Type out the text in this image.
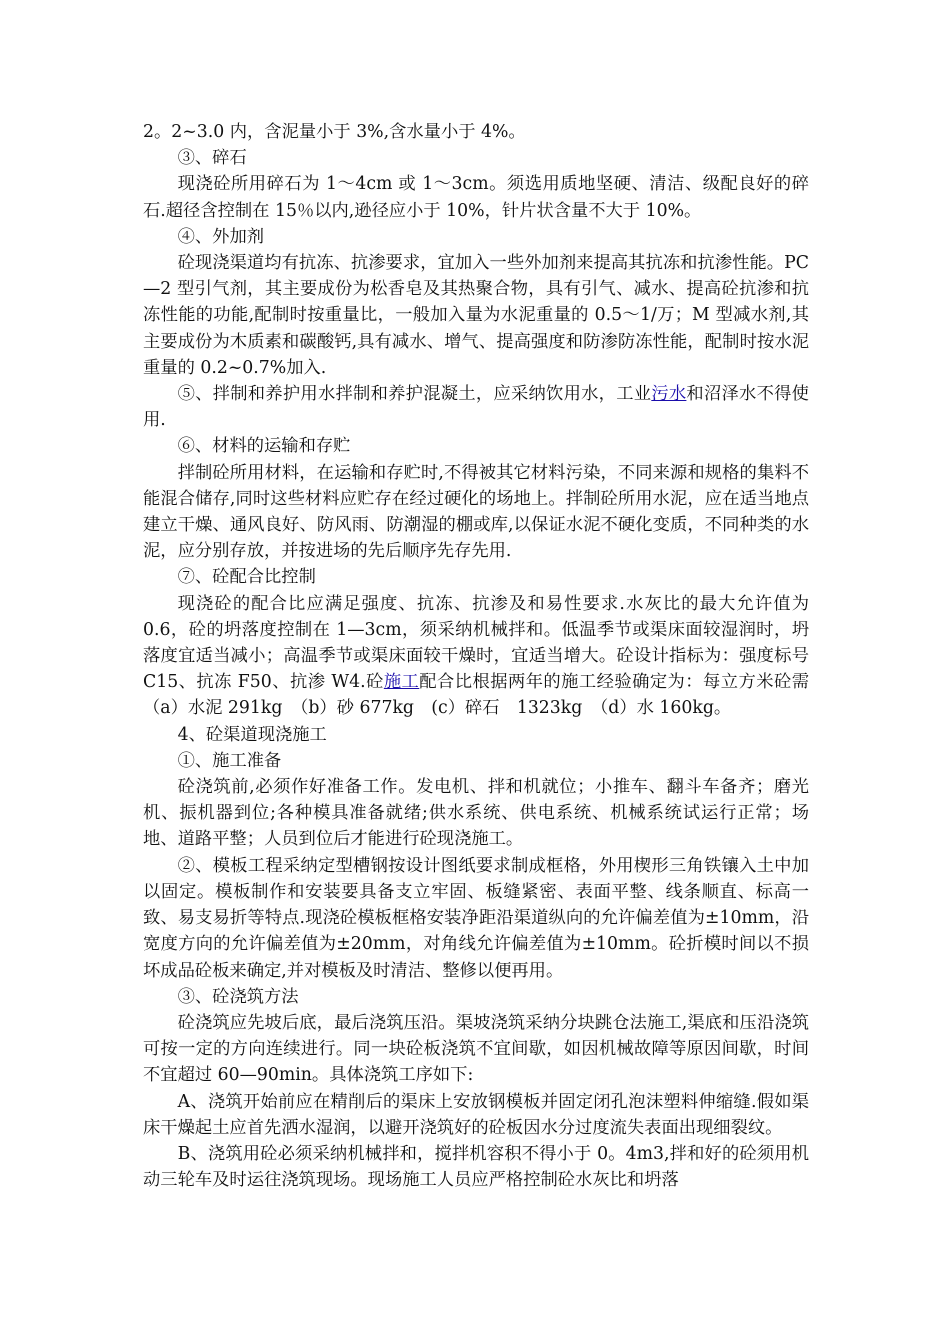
2。2~3.0 内，含泥量小于 3%,含水量小于 4%。

③、碎石

现浇砼所用碎石为 1～4cm 或 1～3cm。须选用质地坚硬、清洁、级配良好的碎石.超径含控制在 15％以内,逊径应小于 10%，针片状含量不大于 10%。

④、外加剂

砼现浇渠道均有抗冻、抗渗要求，宜加入一些外加剂来提高其抗冻和抗渗性能。PC—2 型引气剂，其主要成份为松香皂及其热聚合物，具有引气、减水、提高砼抗渗和抗冻性能的功能,配制时按重量比，一般加入量为水泥重量的 0.5～1/万；M 型减水剂,其主要成份为木质素和碳酸钙,具有减水、增气、提高强度和防渗防冻性能，配制时按水泥重量的 0.2~0.7%加入.

⑤、拌制和养护用水拌制和养护混凝土，应采纳饮用水，工业污水和沼泽水不得使用.

⑥、材料的运输和存贮

拌制砼所用材料，在运输和存贮时,不得被其它材料污染，不同来源和规格的集料不能混合储存,同时这些材料应贮存在经过硬化的场地上。拌制砼所用水泥，应在适当地点建立干燥、通风良好、防风雨、防潮湿的棚或库,以保证水泥不硬化变质，不同种类的水泥，应分别存放，并按进场的先后顺序先存先用.

⑦、砼配合比控制

现浇砼的配合比应满足强度、抗冻、抗渗及和易性要求.水灰比的最大允许值为 0.6，砼的坍落度控制在 1—3cm，须采纳机械拌和。低温季节或渠床面较湿润时，坍落度宜适当减小；高温季节或渠床面较干燥时，宜适当增大。砼设计指标为：强度标号 C15、抗冻 F50、抗渗 W4.砼施工配合比根据两年的施工经验确定为：每立方米砼需（a）水泥 291kg　（b）砂 677kg　(c）碎石　1323kg　（d）水 160kg。

4、砼渠道现浇施工

①、施工准备

砼浇筑前,必须作好准备工作。发电机、拌和机就位；小推车、翻斗车备齐；磨光机、振机器到位;各种模具准备就绪;供水系统、供电系统、机械系统试运行正常；场地、道路平整；人员到位后才能进行砼现浇施工。

②、模板工程采纳定型槽钢按设计图纸要求制成框格，外用楔形三角铁镶入土中加以固定。模板制作和安装要具备支立牢固、板缝紧密、表面平整、线条顺直、标高一致、易支易折等特点.现浇砼模板框格安装净距沿渠道纵向的允许偏差值为±10mm，沿宽度方向的允许偏差值为±20mm，对角线允许偏差值为±10mm。砼折模时间以不损坏成品砼板来确定,并对模板及时清洁、整修以便再用。

③、砼浇筑方法

砼浇筑应先坡后底，最后浇筑压沿。渠坡浇筑采纳分块跳仓法施工,渠底和压沿浇筑可按一定的方向连续进行。同一块砼板浇筑不宜间歇，如因机械故障等原因间歇，时间不宜超过 60—90min。具体浇筑工序如下:

A、浇筑开始前应在精削后的渠床上安放钢模板并固定闭孔泡沫塑料伸缩缝.假如渠床干燥起土应首先洒水湿润，以避开浇筑好的砼板因水分过度流失表面出现细裂纹。

B、浇筑用砼必须采纳机械拌和，搅拌机容积不得小于 0。4m3,拌和好的砼须用机动三轮车及时运往浇筑现场。现场施工人员应严格控制砼水灰比和坍落
